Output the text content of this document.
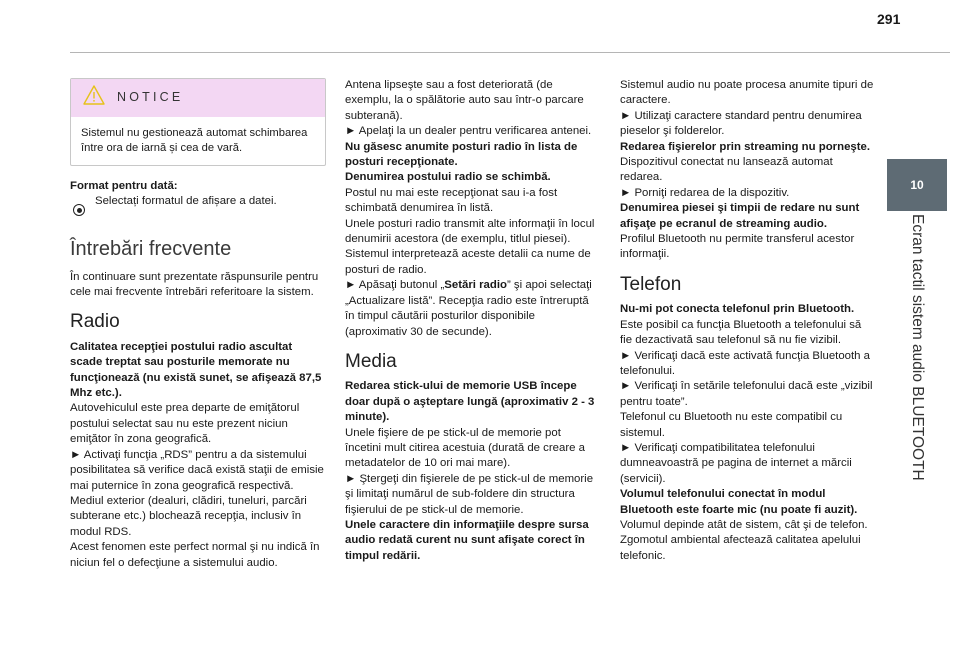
291
10
Ecran tactil sistem audio BLUETOOTH
NOTICE
Sistemul nu gestionează automat schimbarea între ora de iarnă și cea de vară.

Format pentru dată:

Selectați formatul de afișare a datei.

Întrebări frecvente

În continuare sunt prezentate răspunsurile pentru cele mai frecvente întrebări referitoare la sistem.

Radio

Calitatea recepţiei postului radio ascultat scade treptat sau posturile memorate nu funcţionează (nu există sunet, se afişează 87,5 Mhz etc.).

Autovehiculul este prea departe de emiţătorul postului selectat sau nu este prezent niciun emiţător în zona geografică.

► Activaţi funcţia „RDS” pentru a da sistemului posibilitatea să verifice dacă există staţii de emisie mai puternice în zona geografică respectivă.

Mediul exterior (dealuri, clădiri, tuneluri, parcări subterane etc.) blochează recepţia, inclusiv în modul RDS.

Acest fenomen este perfect normal şi nu indică în niciun fel o defecţiune a sistemului audio.

Antena lipseşte sau a fost deteriorată (de exemplu, la o spălătorie auto sau într-o parcare subterană).

► Apelaţi la un dealer pentru verificarea antenei.

Nu găsesc anumite posturi radio în lista de posturi recepţionate.

Denumirea postului radio se schimbă.

Postul nu mai este recepţionat sau i-a fost schimbată denumirea în listă.

Unele posturi radio transmit alte informaţii în locul denumirii acestora (de exemplu, titlul piesei).

Sistemul interpretează aceste detalii ca nume de posturi de radio.

► Apăsaţi butonul „Setări radio” şi apoi selectaţi „Actualizare listă”. Recepţia radio este întreruptă în timpul căutării posturilor disponibile (aproximativ 30 de secunde).

Media

Redarea stick-ului de memorie USB începe doar după o aşteptare lungă (aproximativ 2 - 3 minute).

Unele fişiere de pe stick-ul de memorie pot încetini mult citirea acestuia (durată de creare a metadatelor de 10 ori mai mare).

► Ştergeţi din fişierele de pe stick-ul de memorie şi limitaţi numărul de sub-foldere din structura fişierului de pe stick-ul de memorie.

Unele caractere din informaţiile despre sursa audio redată curent nu sunt afişate corect în timpul redării.

Sistemul audio nu poate procesa anumite tipuri de caractere.

► Utilizaţi caractere standard pentru denumirea pieselor şi folderelor.

Redarea fişierelor prin streaming nu porneşte.

Dispozitivul conectat nu lansează automat redarea.

► Porniţi redarea de la dispozitiv.

Denumirea piesei şi timpii de redare nu sunt afişaţe pe ecranul de streaming audio.

Profilul Bluetooth nu permite transferul acestor informaţii.

Telefon

Nu-mi pot conecta telefonul prin Bluetooth.

Este posibil ca funcţia Bluetooth a telefonului să fie dezactivată sau telefonul să nu fie vizibil.

► Verificaţi dacă este activată funcţia Bluetooth a telefonului.

► Verificaţi în setările telefonului dacă este „vizibil pentru toate”.

Telefonul cu Bluetooth nu este compatibil cu sistemul.

► Verificaţi compatibilitatea telefonului dumneavoastră pe pagina de internet a mărcii (servicii).

Volumul telefonului conectat în modul Bluetooth este foarte mic (nu poate fi auzit).

Volumul depinde atât de sistem, cât şi de telefon.

Zgomotul ambiental afectează calitatea apelului telefonic.
